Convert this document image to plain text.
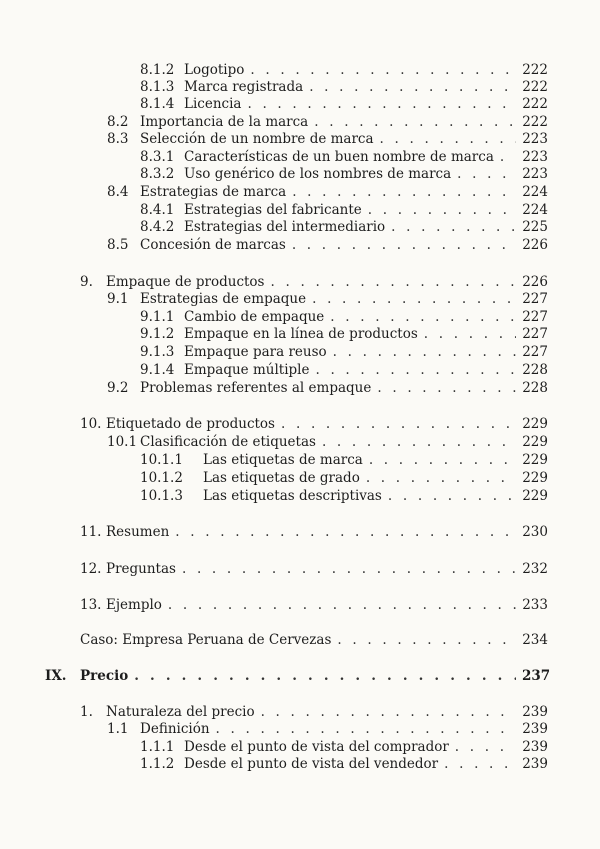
8.1.2 Logotipo . . .	222
8.1.3 Marca registrada . . .	222
8.1.4 Licencia . . .	222
8.2 Importancia de la marca . . .	222
8.3 Selección de un nombre de marca . . .	223
8.3.1 Características de un buen nombre de marca . . . 223
8.3.2 Uso genérico de los nombres de marca . . .	223
8.4 Estrategias de marca . . .	224
8.4.1 Estrategias del fabricante . . .	224
8.4.2 Estrategias del intermediario . . .	225
8.5 Concesión de marcas . . .	226
9. Empaque de productos . . .	226
9.1 Estrategias de empaque . . .	227
9.1.1 Cambio de empaque . . .	227
9.1.2 Empaque en la línea de productos . . .	227
9.1.3 Empaque para reuso . . .	227
9.1.4 Empaque múltiple . . .	228
9.2 Problemas referentes al empaque . . .	228
10. Etiquetado de productos . . .	229
10.1 Clasificación de etiquetas . . .	229
10.1.1	Las etiquetas de marca . . .	229
10.1.2	Las etiquetas de grado . . .	229
10.1.3	Las etiquetas descriptivas . . .	229
11. Resumen . . .	230
12. Preguntas . . .	232
13. Ejemplo . . .	233
Caso: Empresa Peruana de Cervezas . . .	234
IX.	Precio . . .	237
1. Naturaleza del precio . . .	239
1.1 Definición . . .	239
1.1.1 Desde el punto de vista del comprador . . .	239
1.1.2 Desde el punto de vista del vendedor . . .	239
